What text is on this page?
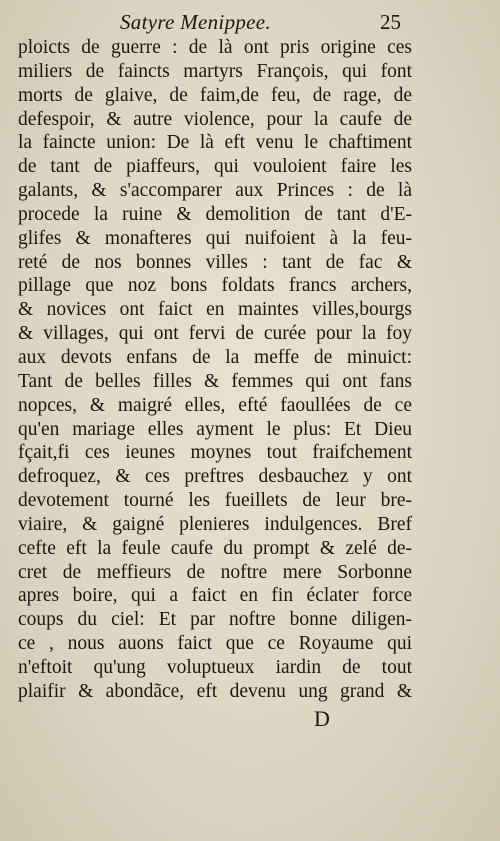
Satyre Menippee.	25
ploicts de guerre : de là ont pris origine ces
miliers de faincts martyrs François, qui font
morts de glaive, de faim,de feu, de rage, de
defespoir, & autre violence, pour la caufe de
la faincte union: De là eft venu le chaftiment
de tant de piaffeurs, qui vouloient faire les
galants, & s'accomparer aux Princes : de là
procede la ruine & demolition de tant d'E-
glifes & monafteres qui nuifoient à la feu-
reté de nos bonnes villes : tant de fac &
pillage que noz bons foldats francs archers,
& novices ont faict en maintes villes,bourgs
& villages, qui ont fervi de curée pour la foy
aux devots enfans de la meffe de minuict:
Tant de belles filles & femmes qui ont fans
nopces, & maigré elles, efté faoullées de ce
qu'en mariage elles ayment le plus: Et Dieu
fçait,fi ces ieunes moynes tout fraifchement
defroquez, & ces preftres desbauchez y ont
devotement tourné les fueillets de leur bre-
viaire, & gaigné plenieres indulgences. Bref
cefte eft la feule caufe du prompt & zelé de-
cret de meffieurs de noftre mere Sorbonne
apres boire, qui a faict en fin éclater force
coups du ciel: Et par noftre bonne diligen-
ce , nous auons faict que ce Royaume qui
n'eftoit qu'ung voluptueux iardin de tout
plaifir & abondãce, eft devenu ung grand &
D
